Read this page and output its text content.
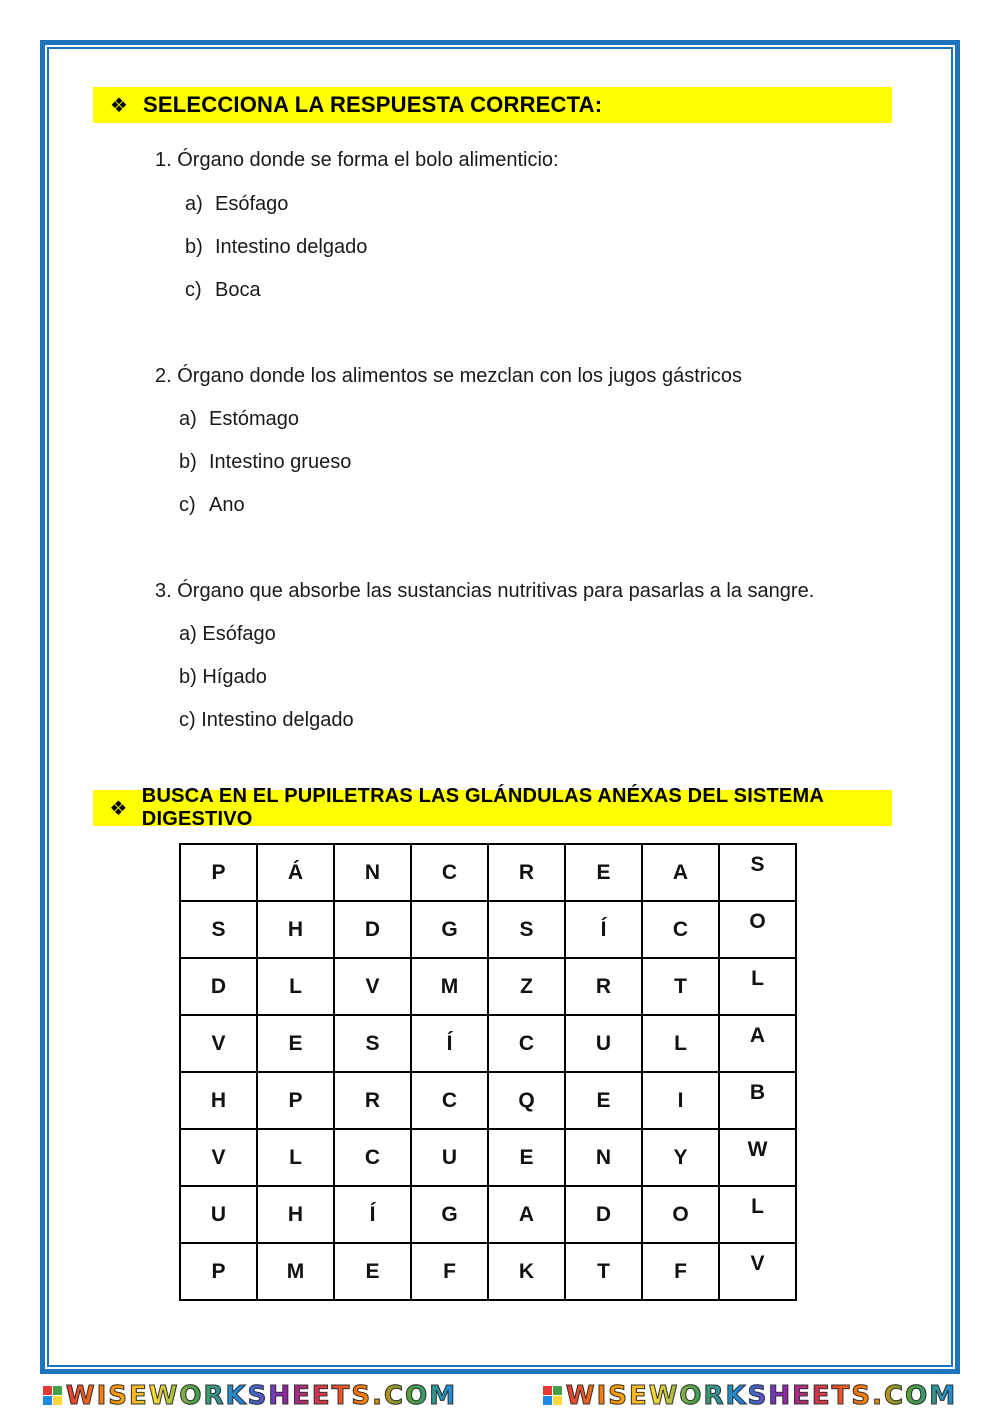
❖ SELECCIONA LA RESPUESTA CORRECTA:
1. Órgano donde se forma el bolo alimenticio:
a) Esófago
b) Intestino delgado
c) Boca
2. Órgano donde los alimentos se mezclan con los jugos gástricos
a) Estómago
b) Intestino grueso
c) Ano
3. Órgano que absorbe las sustancias nutritivas para pasarlas a la sangre.
a) Esófago
b) Hígado
c) Intestino delgado
❖
BUSCA EN EL PUPILETRAS LAS GLÁNDULAS ANÉXAS DEL SISTEMA DIGESTIVO
P	Á	N	C	R	E	A	S
S	H	D	G	S	Í	C	O
D	L	V	M	Z	R	T	L
V	E	S	Í	C	U	L	A
H	P	R	C	Q	E	I	B
V	L	C	U	E	N	Y	W
U	H	Í	G	A	D	O	L
P	M	E	F	K	T	F	V
WISEWORKSHEETS.COM	WISEWORKSHEETS.COM
